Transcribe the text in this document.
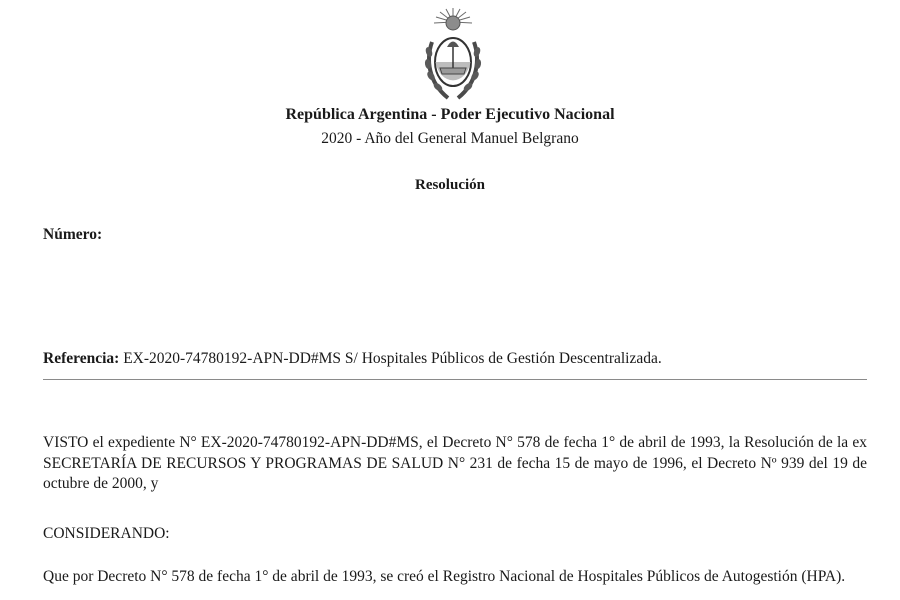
República Argentina - Poder Ejecutivo Nacional
2020 - Año del General Manuel Belgrano
Resolución
Número:
Referencia: EX-2020-74780192-APN-DD#MS S/ Hospitales Públicos de Gestión Descentralizada.
VISTO el expediente N° EX-2020-74780192-APN-DD#MS, el Decreto N° 578 de fecha 1° de abril de 1993, la Resolución de la ex SECRETARÍA DE RECURSOS Y PROGRAMAS DE SALUD N° 231 de fecha 15 de mayo de 1996, el Decreto Nº 939 del 19 de octubre de 2000, y
CONSIDERANDO:
Que por Decreto N° 578 de fecha 1° de abril de 1993, se creó el Registro Nacional de Hospitales Públicos de Autogestión (HPA).
